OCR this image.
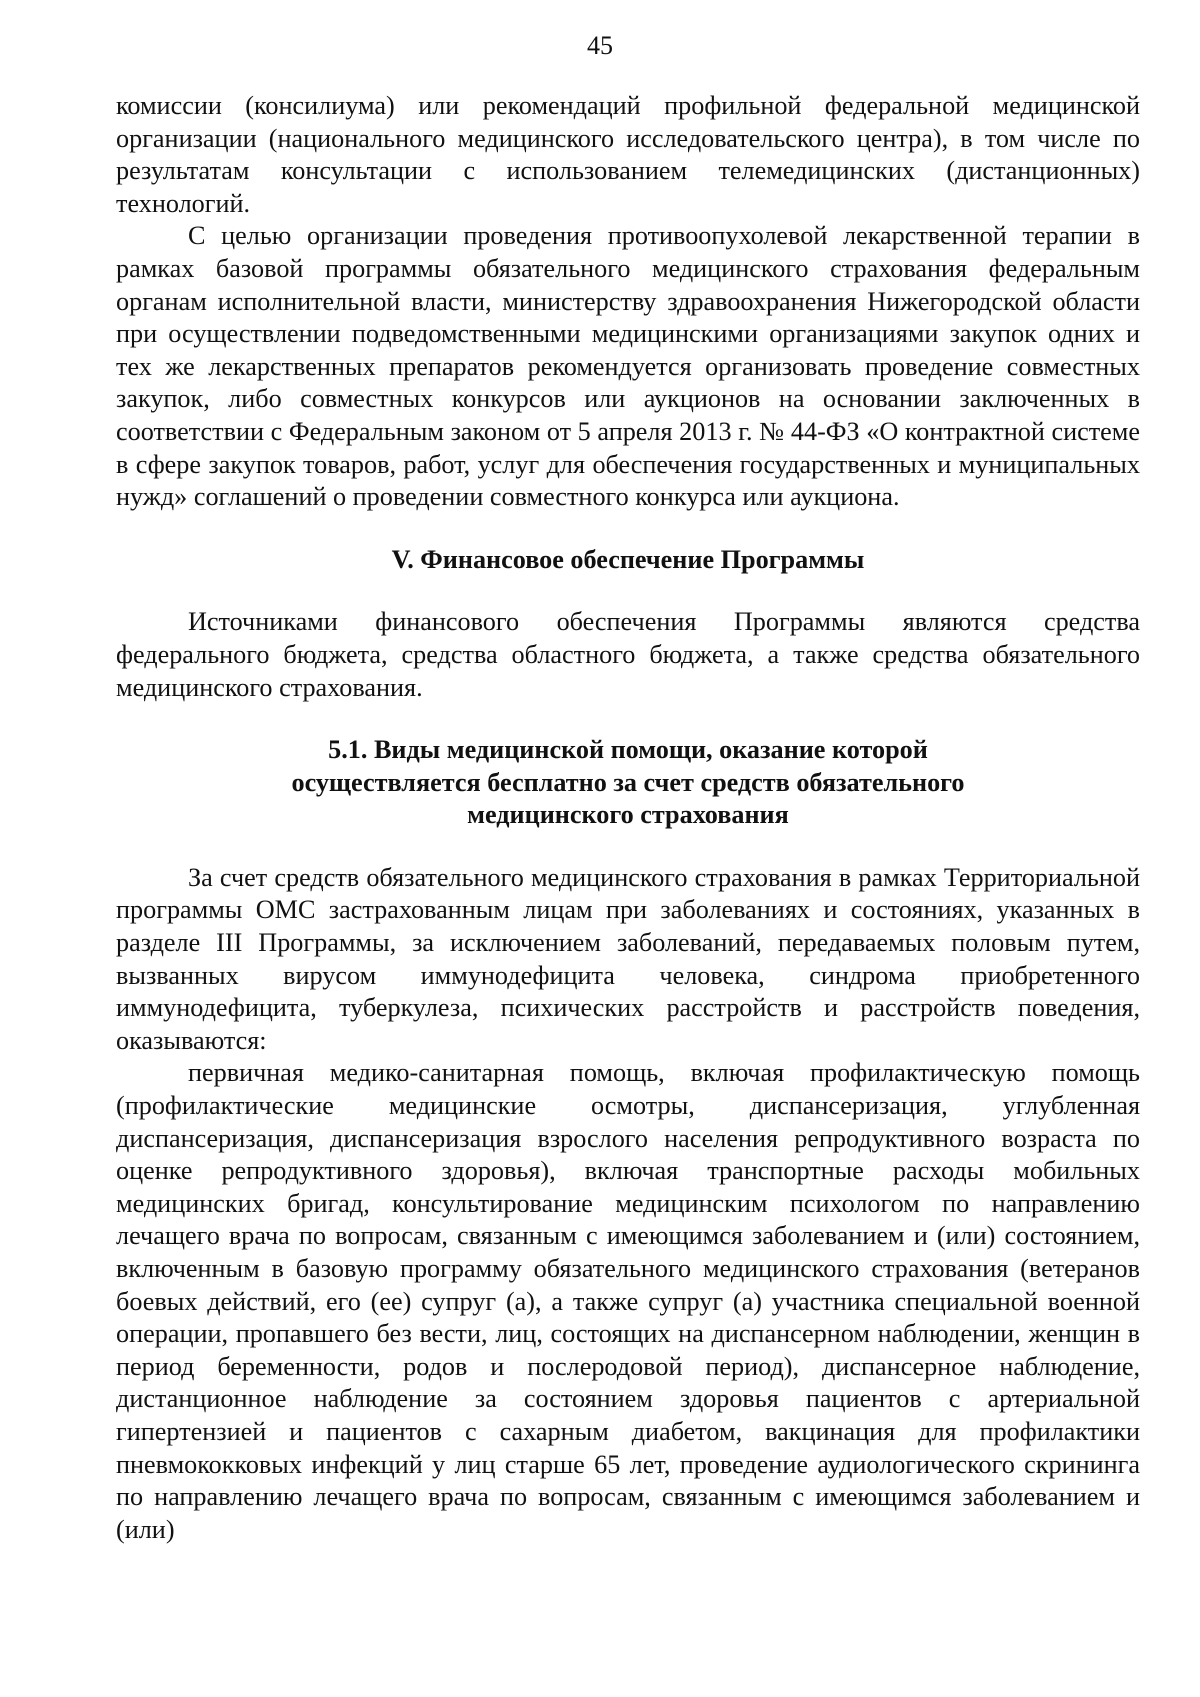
45

комиссии (консилиума) или рекомендаций профильной федеральной медицинской организации (национального медицинского исследовательского центра), в том числе по результатам консультации с использованием телемедицинских (дистанционных) технологий.

С целью организации проведения противоопухолевой лекарственной терапии в рамках базовой программы обязательного медицинского страхования федеральным органам исполнительной власти, министерству здравоохранения Нижегородской области при осуществлении подведомственными медицинскими организациями закупок одних и тех же лекарственных препаратов рекомендуется организовать проведение совместных закупок, либо совместных конкурсов или аукционов на основании заключенных в соответствии с Федеральным законом от 5 апреля 2013 г. № 44-ФЗ «О контрактной системе в сфере закупок товаров, работ, услуг для обеспечения государственных и муниципальных нужд» соглашений о проведении совместного конкурса или аукциона.

V. Финансовое обеспечение Программы

Источниками финансового обеспечения Программы являются средства федерального бюджета, средства областного бюджета, а также средства обязательного медицинского страхования.

5.1. Виды медицинской помощи, оказание которой
осуществляется бесплатно за счет средств обязательного
медицинского страхования

За счет средств обязательного медицинского страхования в рамках Территориальной программы ОМС застрахованным лицам при заболеваниях и состояниях, указанных в разделе III Программы, за исключением заболеваний, передаваемых половым путем, вызванных вирусом иммунодефицита человека, синдрома приобретенного иммунодефицита, туберкулеза, психических расстройств и расстройств поведения, оказываются:

первичная медико-санитарная помощь, включая профилактическую помощь (профилактические медицинские осмотры, диспансеризация, углубленная диспансеризация, диспансеризация взрослого населения репродуктивного возраста по оценке репродуктивного здоровья), включая транспортные расходы мобильных медицинских бригад, консультирование медицинским психологом по направлению лечащего врача по вопросам, связанным с имеющимся заболеванием и (или) состоянием, включенным в базовую программу обязательного медицинского страхования (ветеранов боевых действий, его (ее) супруг (а), а также супруг (а) участника специальной военной операции, пропавшего без вести, лиц, состоящих на диспансерном наблюдении, женщин в период беременности, родов и послеродовой период), диспансерное наблюдение, дистанционное наблюдение за состоянием здоровья пациентов с артериальной гипертензией и пациентов с сахарным диабетом, вакцинация для профилактики пневмококковых инфекций у лиц старше 65 лет, проведение аудиологического скрининга по направлению лечащего врача по вопросам, связанным с имеющимся заболеванием и (или)
